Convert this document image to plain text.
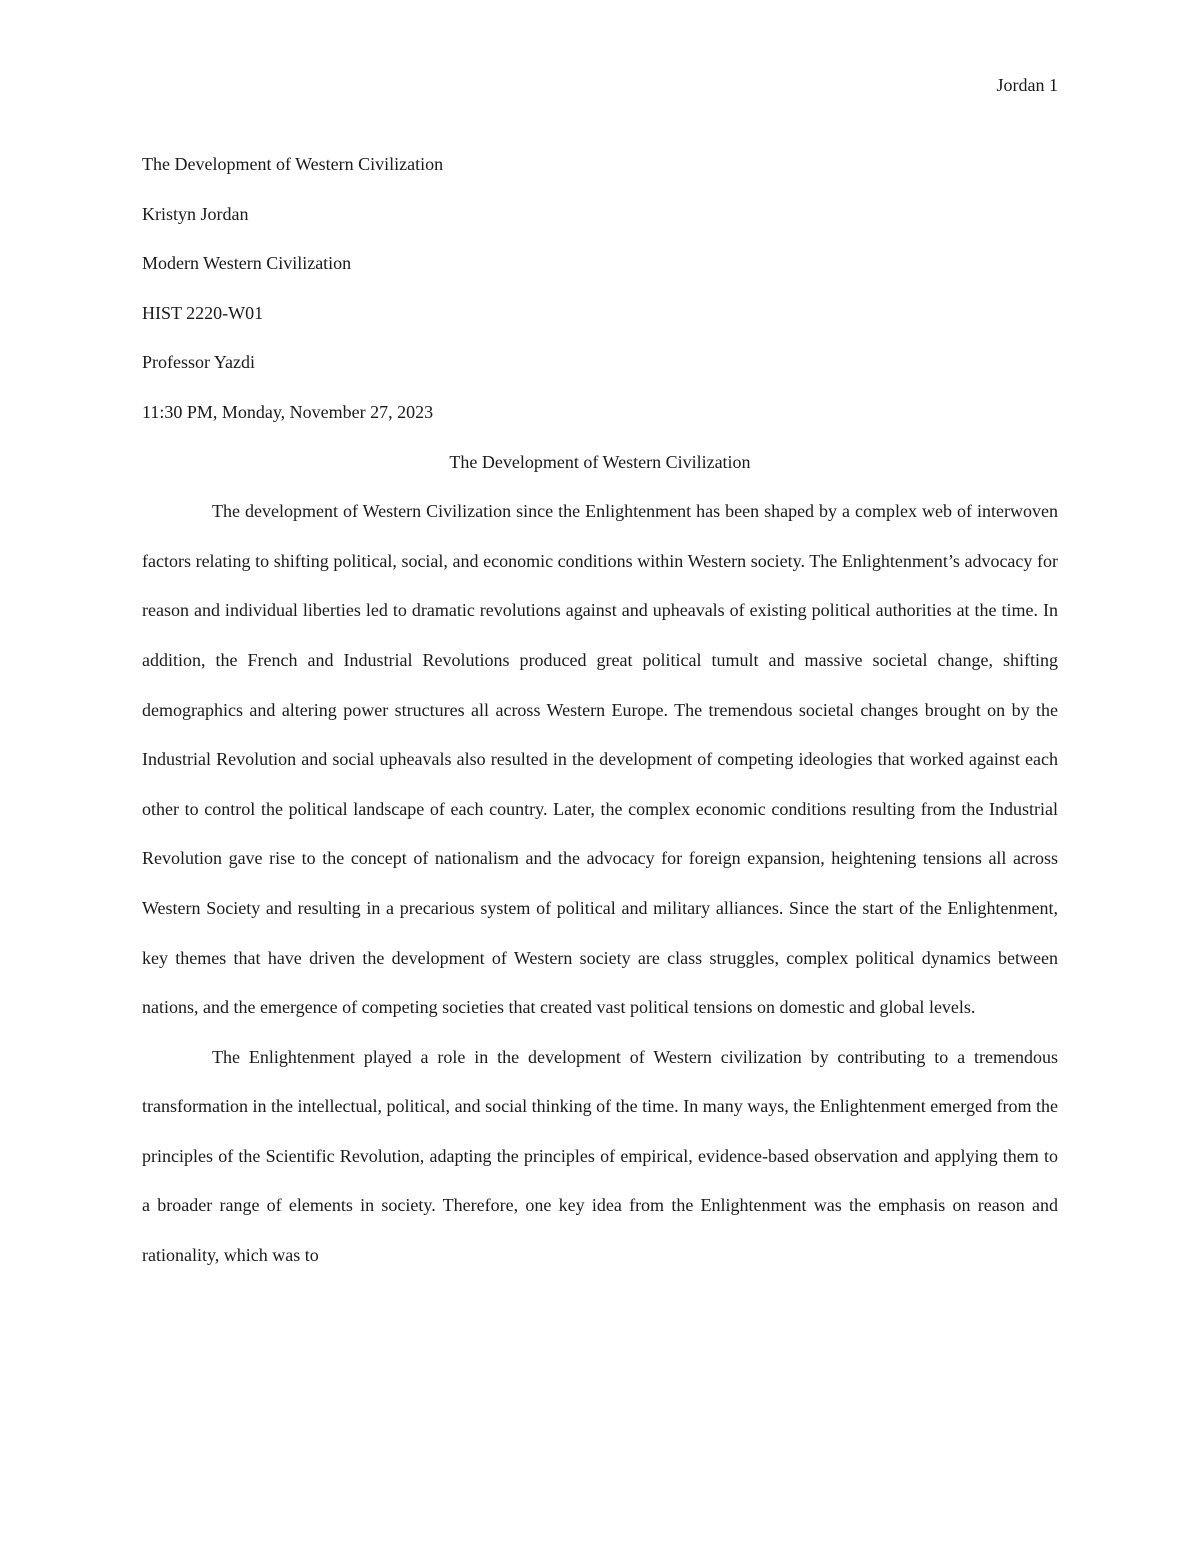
Jordan 1
The Development of Western Civilization
Kristyn Jordan
Modern Western Civilization
HIST 2220-W01
Professor Yazdi
11:30 PM, Monday, November 27, 2023
The Development of Western Civilization

The development of Western Civilization since the Enlightenment has been shaped by a complex web of interwoven factors relating to shifting political, social, and economic conditions within Western society. The Enlightenment’s advocacy for reason and individual liberties led to dramatic revolutions against and upheavals of existing political authorities at the time. In addition, the French and Industrial Revolutions produced great political tumult and massive societal change, shifting demographics and altering power structures all across Western Europe. The tremendous societal changes brought on by the Industrial Revolution and social upheavals also resulted in the development of competing ideologies that worked against each other to control the political landscape of each country. Later, the complex economic conditions resulting from the Industrial Revolution gave rise to the concept of nationalism and the advocacy for foreign expansion, heightening tensions all across Western Society and resulting in a precarious system of political and military alliances. Since the start of the Enlightenment, key themes that have driven the development of Western society are class struggles, complex political dynamics between nations, and the emergence of competing societies that created vast political tensions on domestic and global levels.

The Enlightenment played a role in the development of Western civilization by contributing to a tremendous transformation in the intellectual, political, and social thinking of the time. In many ways, the Enlightenment emerged from the principles of the Scientific Revolution, adapting the principles of empirical, evidence-based observation and applying them to a broader range of elements in society. Therefore, one key idea from the Enlightenment was the emphasis on reason and rationality, which was to
